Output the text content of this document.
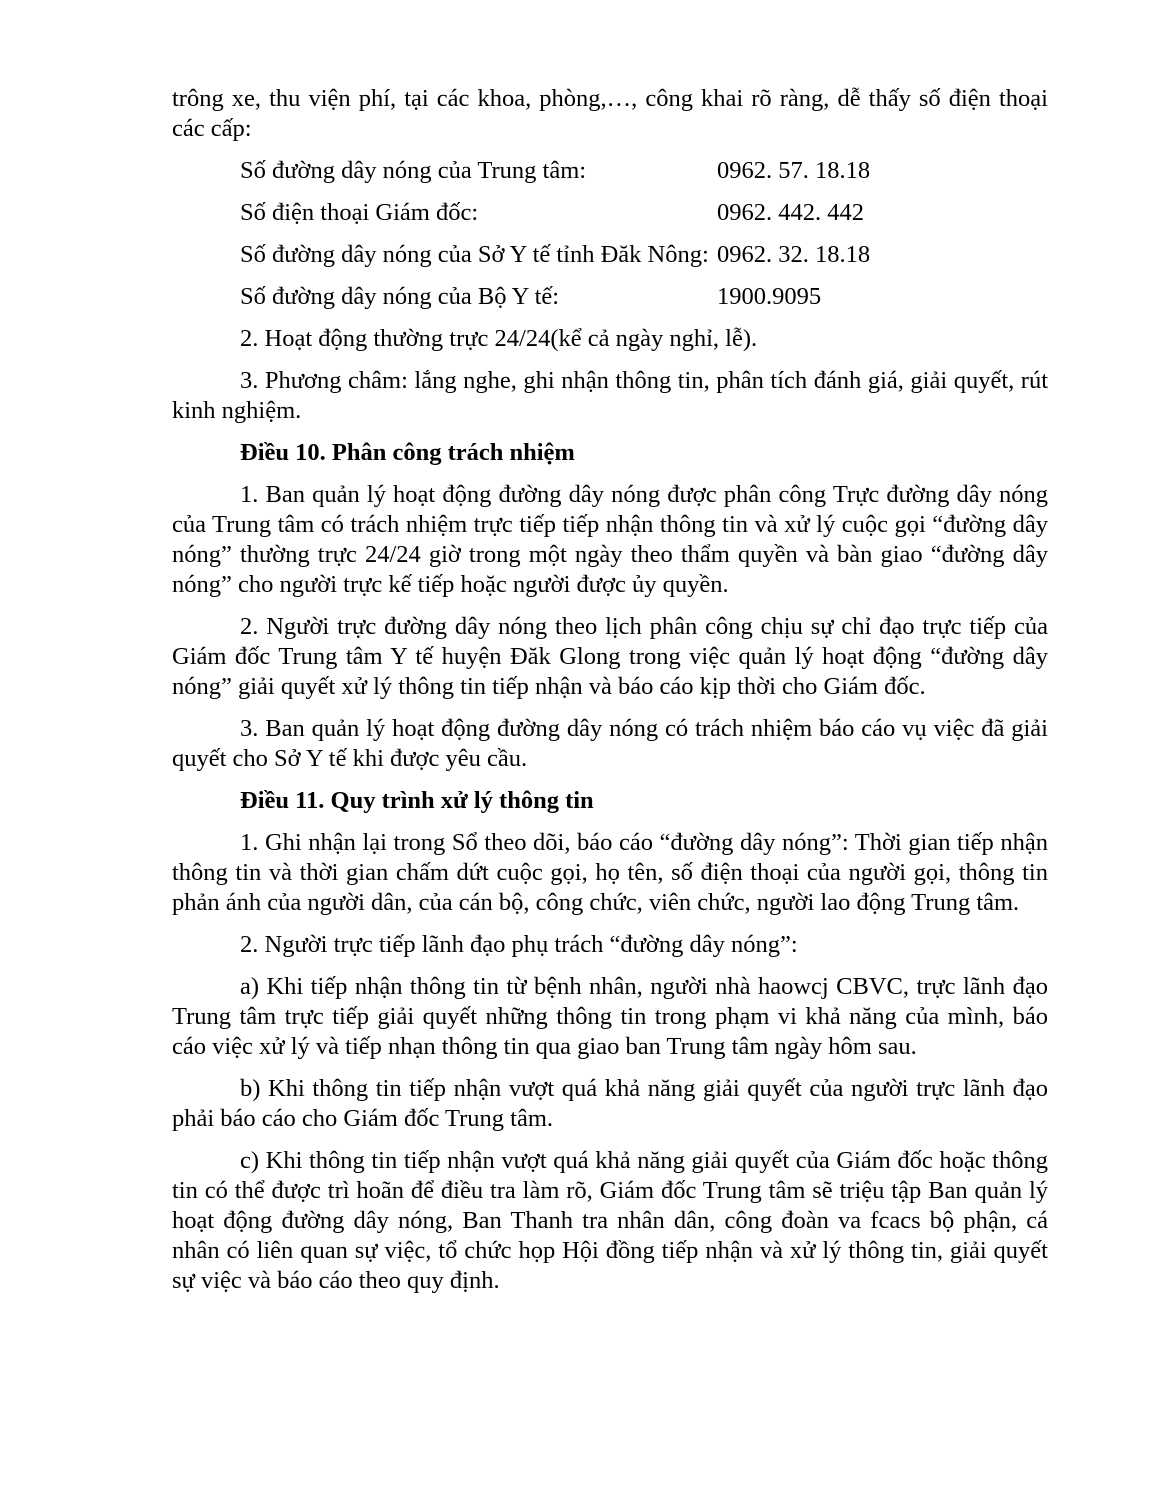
trông xe, thu viện phí, tại các khoa, phòng,…, công khai rõ ràng, dễ thấy số điện thoại các cấp:

Số đường dây nóng của Trung tâm:	0962. 57. 18.18
Số điện thoại Giám đốc:	0962. 442. 442
Số đường dây nóng của Sở Y tế tỉnh Đăk Nông: 0962. 32. 18.18
Số đường dây nóng của Bộ Y tế:	1900.9095

2. Hoạt động thường trực 24/24(kể cả ngày nghỉ, lễ).

3. Phương châm: lắng nghe, ghi nhận thông tin, phân tích đánh giá, giải quyết, rút kinh nghiệm.

Điều 10. Phân công trách nhiệm

1. Ban quản lý hoạt động đường dây nóng được phân công Trực đường dây nóng của Trung tâm có trách nhiệm trực tiếp tiếp nhận thông tin và xử lý cuộc gọi “đường dây nóng” thường trực 24/24 giờ trong một ngày theo thẩm quyền và bàn giao “đường dây nóng” cho người trực kế tiếp hoặc người được ủy quyền.

2. Người trực đường dây nóng theo lịch phân công chịu sự chỉ đạo trực tiếp của Giám đốc Trung tâm Y tế huyện Đăk Glong trong việc quản lý hoạt động “đường dây nóng” giải quyết xử lý thông tin tiếp nhận và báo cáo kịp thời cho Giám đốc.

3. Ban quản lý hoạt động đường dây nóng có trách nhiệm báo cáo vụ việc đã giải quyết cho Sở Y tế khi được yêu cầu.

Điều 11. Quy trình xử lý thông tin

1. Ghi nhận lại trong Sổ theo dõi, báo cáo “đường dây nóng”: Thời gian tiếp nhận thông tin và thời gian chấm dứt cuộc gọi, họ tên, số điện thoại của người gọi, thông tin phản ánh của người dân, của cán bộ, công chức, viên chức, người lao động Trung tâm.

2. Người trực tiếp lãnh đạo phụ trách “đường dây nóng”:

a) Khi tiếp nhận thông tin từ bệnh nhân, người nhà haowcj CBVC, trực lãnh đạo Trung tâm trực tiếp giải quyết những thông tin trong phạm vi khả năng của mình, báo cáo việc xử lý và tiếp nhạn thông tin qua giao ban Trung tâm ngày hôm sau.

b) Khi thông tin tiếp nhận vượt quá khả năng giải quyết của người trực lãnh đạo phải báo cáo cho Giám đốc Trung tâm.

c) Khi thông tin tiếp nhận vượt quá khả năng giải quyết của Giám đốc hoặc thông tin có thể được trì hoãn để điều tra làm rõ, Giám đốc Trung tâm sẽ triệu tập Ban quản lý hoạt động đường dây nóng, Ban Thanh tra nhân dân, công đoàn va fcacs bộ phận, cá nhân có liên quan sự việc, tổ chức họp Hội đồng tiếp nhận và xử lý thông tin, giải quyết sự việc và báo cáo theo quy định.
